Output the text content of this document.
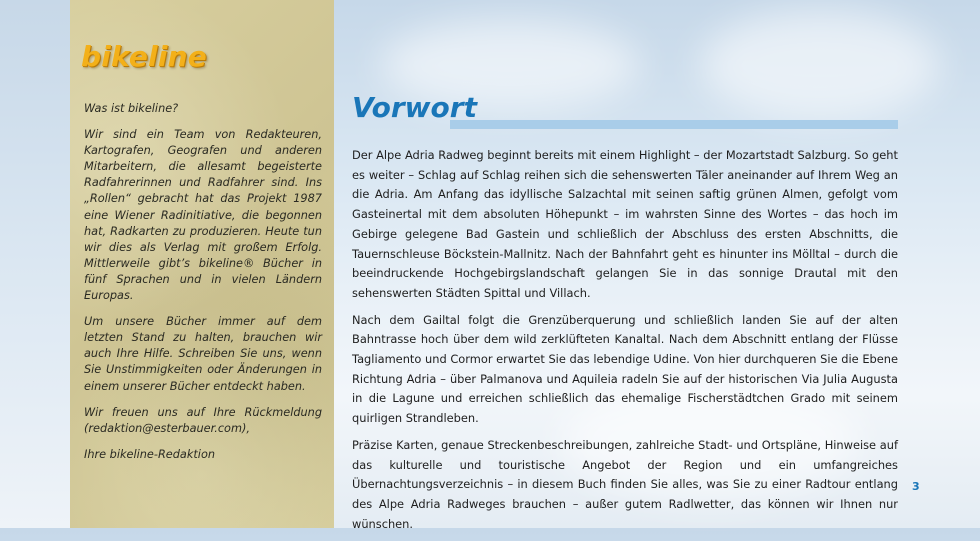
bikeline

Was ist bikeline?

Wir sind ein Team von Redakteuren, Kartografen, Geografen und anderen Mitarbeitern, die allesamt begeisterte Radfahrerinnen und Radfahrer sind. Ins „Rollen“ gebracht hat das Projekt 1987 eine Wiener Radinitiative, die begonnen hat, Radkarten zu produzieren. Heute tun wir dies als Verlag mit großem Erfolg. Mittlerweile gibt’s bikeline® Bücher in fünf Sprachen und in vielen Ländern Europas.

Um unsere Bücher immer auf dem letzten Stand zu halten, brauchen wir auch Ihre Hilfe. Schreiben Sie uns, wenn Sie Unstimmigkeiten oder Änderungen in einem unserer Bücher entdeckt haben.

Wir freuen uns auf Ihre Rückmeldung (redaktion@esterbauer.com),

Ihre bikeline-Redaktion

Vorwort

Der Alpe Adria Radweg beginnt bereits mit einem Highlight – der Mozartstadt Salzburg. So geht es weiter – Schlag auf Schlag reihen sich die sehenswerten Täler aneinander auf Ihrem Weg an die Adria. Am Anfang das idyllische Salzachtal mit seinen saftig grünen Almen, gefolgt vom Gasteinertal mit dem absoluten Höhepunkt – im wahrsten Sinne des Wortes – das hoch im Gebirge gelegene Bad Gastein und schließlich der Abschluss des ersten Abschnitts, die Tauernschleuse Böckstein-Mallnitz. Nach der Bahnfahrt geht es hinunter ins Mölltal – durch die beeindruckende Hochgebirgslandschaft gelangen Sie in das sonnige Drautal mit den sehenswerten Städten Spittal und Villach.

Nach dem Gailtal folgt die Grenzüberquerung und schließlich landen Sie auf der alten Bahntrasse hoch über dem wild zerklüfteten Kanaltal. Nach dem Abschnitt entlang der Flüsse Tagliamento und Cormor erwartet Sie das lebendige Udine. Von hier durchqueren Sie die Ebene Richtung Adria – über Palmanova und Aquileia radeln Sie auf der historischen Via Julia Augusta in die Lagune und erreichen schließlich das ehemalige Fischerstädtchen Grado mit seinem quirligen Strandleben.

Präzise Karten, genaue Streckenbeschreibungen, zahlreiche Stadt- und Ortspläne, Hinweise auf das kulturelle und touristische Angebot der Region und ein umfangreiches Übernachtungsverzeichnis – in diesem Buch finden Sie alles, was Sie zu einer Radtour entlang des Alpe Adria Radweges brauchen – außer gutem Radlwetter, das können wir Ihnen nur wünschen.

3
